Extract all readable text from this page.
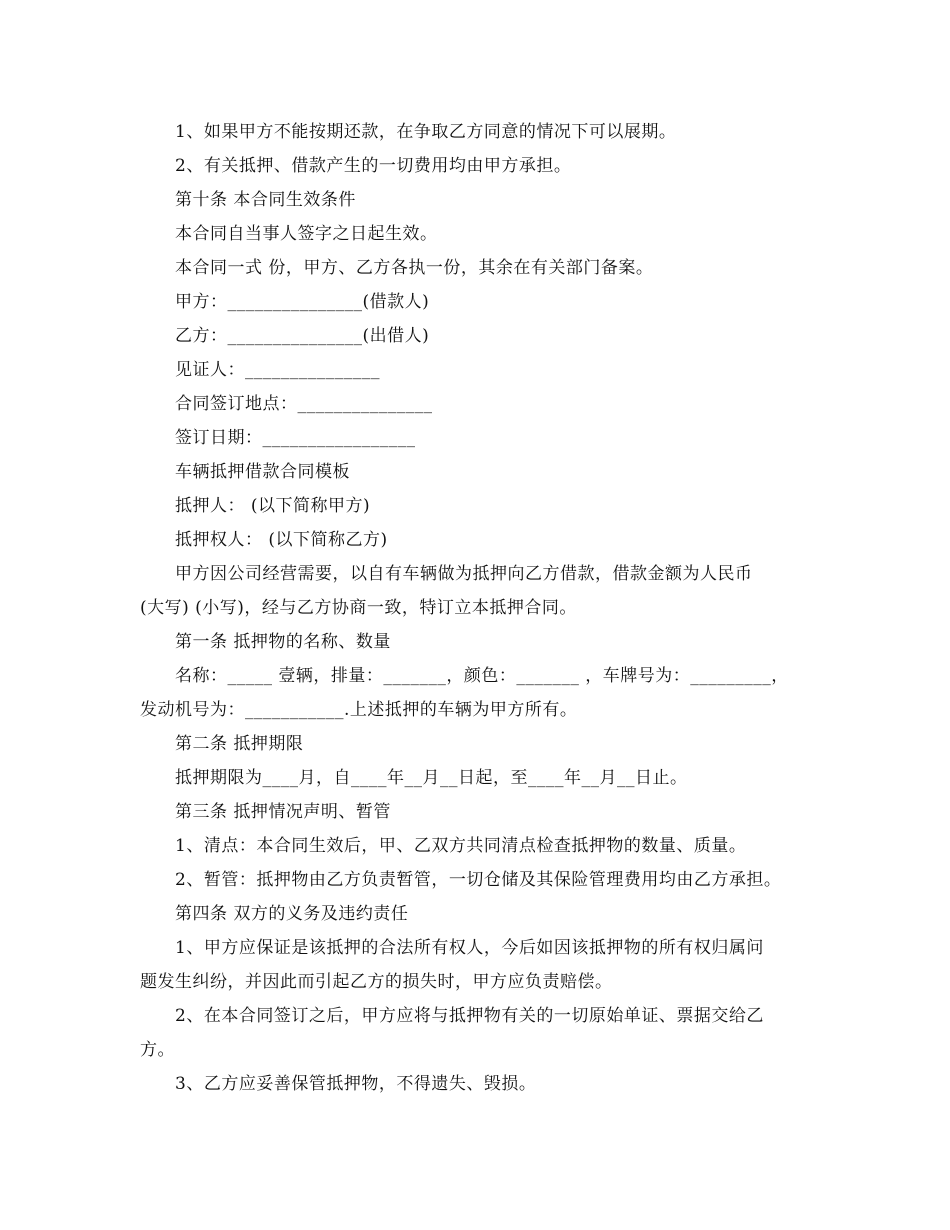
1、如果甲方不能按期还款，在争取乙方同意的情况下可以展期。
2、有关抵押、借款产生的一切费用均由甲方承担。
第十条 本合同生效条件
本合同自当事人签字之日起生效。
本合同一式 份，甲方、乙方各执一份，其余在有关部门备案。
甲方：_______________(借款人)
乙方：_______________(出借人)
见证人：_______________
合同签订地点：_______________
签订日期：_________________
车辆抵押借款合同模板
抵押人： (以下简称甲方)
抵押权人： (以下简称乙方)
甲方因公司经营需要，以自有车辆做为抵押向乙方借款，借款金额为人民币
(大写) (小写)，经与乙方协商一致，特订立本抵押合同。
第一条 抵押物的名称、数量
名称：_____ 壹辆，排量：_______，颜色：_______ ，车牌号为：_________，
发动机号为：___________.上述抵押的车辆为甲方所有。
第二条 抵押期限
抵押期限为____月，自____年__月__日起，至____年__月__日止。
第三条 抵押情况声明、暂管
1、清点：本合同生效后，甲、乙双方共同清点检查抵押物的数量、质量。
2、暂管：抵押物由乙方负责暂管，一切仓储及其保险管理费用均由乙方承担。
第四条 双方的义务及违约责任
1、甲方应保证是该抵押的合法所有权人，今后如因该抵押物的所有权归属问
题发生纠纷，并因此而引起乙方的损失时，甲方应负责赔偿。
2、在本合同签订之后，甲方应将与抵押物有关的一切原始单证、票据交给乙
方。
3、乙方应妥善保管抵押物，不得遗失、毁损。
